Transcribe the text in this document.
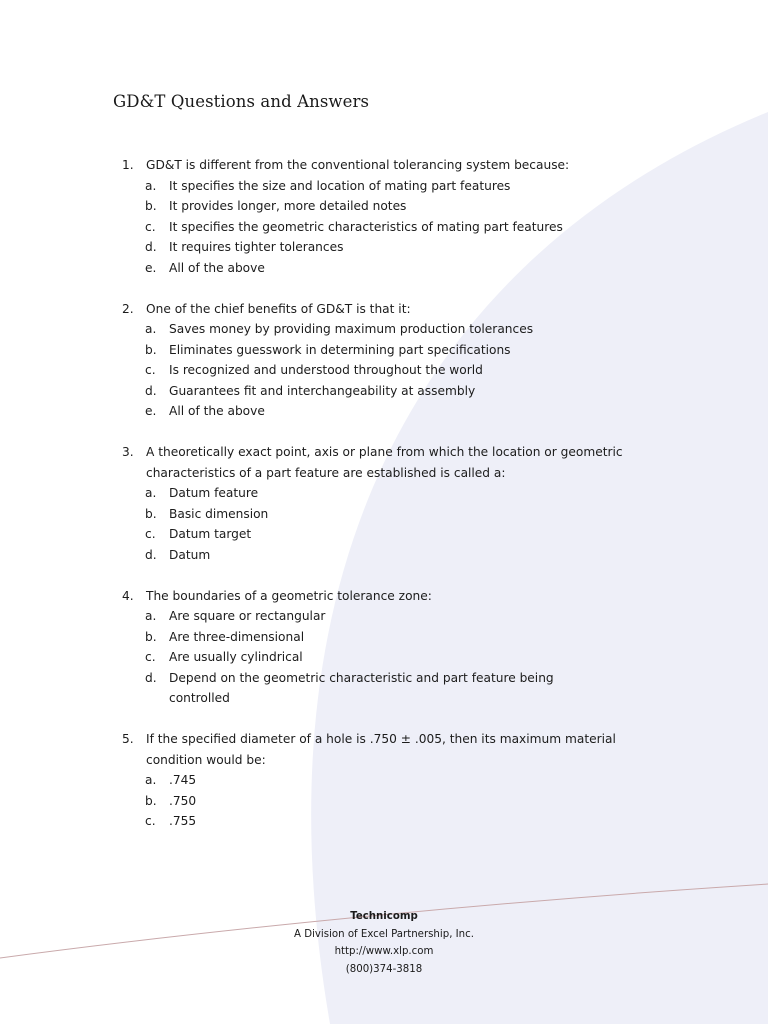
GD&T Questions and Answers
1.	GD&T is different from the conventional tolerancing system because:
a.	It specifies the size and location of mating part features
b.	It provides longer, more detailed notes
c.	It specifies the geometric characteristics of mating part features
d.	It requires tighter tolerances
e.	All of the above
2.	One of the chief benefits of GD&T is that it:
a.	Saves money by providing maximum production tolerances
b.	Eliminates guesswork in determining part specifications
c.	Is recognized and understood throughout the world
d.	Guarantees fit and interchangeability at assembly
e.	All of the above
3.	A theoretically exact point, axis or plane from which the location or geometric characteristics of a part feature are established is called a:
a.	Datum feature
b.	Basic dimension
c.	Datum target
d.	Datum
4.	The boundaries of a geometric tolerance zone:
a.	Are square or rectangular
b.	Are three-dimensional
c.	Are usually cylindrical
d.	Depend on the geometric characteristic and part feature being controlled
5.	If the specified diameter of a hole is .750 ± .005, then its maximum material condition would be:
a.	.745
b.	.750
c.	.755
Technicomp
A Division of Excel Partnership, Inc.
http://www.xlp.com
(800)374-3818
